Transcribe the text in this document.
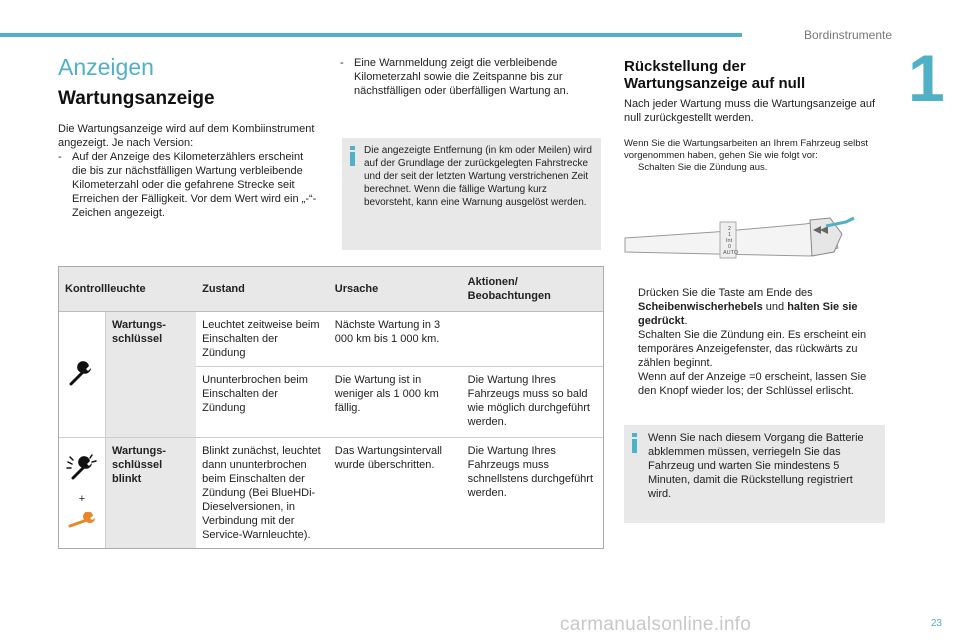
Bordinstrumente
1
Anzeigen
Wartungsanzeige

Die Wartungsanzeige wird auf dem Kombiinstrument angezeigt. Je nach Version:

- Auf der Anzeige des Kilometerzählers erscheint die bis zur nächstfälligen Wartung verbleibende Kilometerzahl oder die gefahrene Strecke seit Erreichen der Fälligkeit. Vor dem Wert wird ein „-“-Zeichen angezeigt.
- Eine Warnmeldung zeigt die verbleibende Kilometerzahl sowie die Zeitspanne bis zur nächstfälligen oder überfälligen Wartung an.
Die angezeigte Entfernung (in km oder Meilen) wird auf der Grundlage der zurückgelegten Fahrstrecke und der seit der letzten Wartung verstrichenen Zeit berechnet. Wenn die fällige Wartung kurz bevorsteht, kann eine Warnung ausgelöst werden.
Rückstellung der
Wartungsanzeige auf null
Nach jeder Wartung muss die Wartungsanzeige auf null zurückgestellt werden.
Wenn Sie die Wartungsarbeiten an Ihrem Fahrzeug selbst vorgenommen haben, gehen Sie wie folgt vor:
Schalten Sie die Zündung aus.
2
1
Int
0
AUTO
Drücken Sie die Taste am Ende des Scheibenwischerhebels und halten Sie sie gedrückt.
Schalten Sie die Zündung ein. Es erscheint ein temporäres Anzeigefenster, das rückwärts zu zählen beginnt.
Wenn auf der Anzeige =0 erscheint, lassen Sie den Knopf wieder los; der Schlüssel erlischt.
Wenn Sie nach diesem Vorgang die Batterie abklemmen müssen, verriegeln Sie das Fahrzeug und warten Sie mindestens 5 Minuten, damit die Rückstellung registriert wird.
Kontrollleuchte		Zustand	Ursache	Aktionen/ Beobachtungen
	Wartungs-schlüssel	Leuchtet zeitweise beim Einschalten der Zündung	Nächste Wartung in 3 000 km bis 1 000 km.	
		Ununterbrochen beim Einschalten der Zündung	Die Wartung ist in weniger als 1 000 km fällig.	Die Wartung Ihres Fahrzeugs muss so bald wie möglich durchgeführt werden.

+	Wartungs-schlüssel blinkt	Blinkt zunächst, leuchtet dann ununterbrochen beim Einschalten der Zündung (Bei BlueHDi-Dieselversionen, in Verbindung mit der Service-Warnleuchte).	Das Wartungsintervall wurde überschritten.	Die Wartung Ihres Fahrzeugs muss schnellstens durchgeführt werden.
carmanualsonline.info	23
